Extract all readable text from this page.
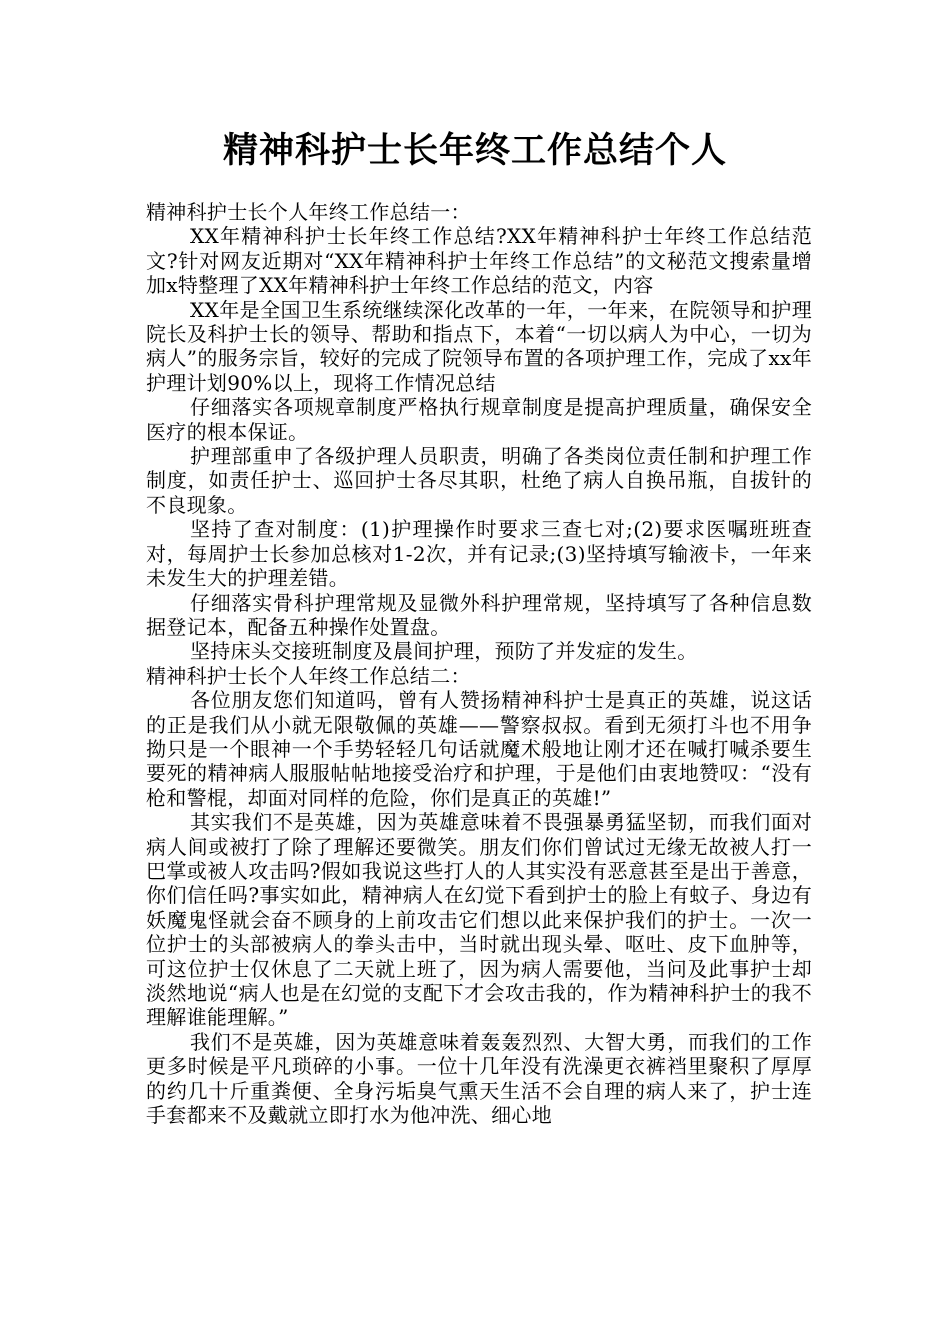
精神科护士长年终工作总结个人

精神科护士长个人年终工作总结一：

XX年精神科护士长年终工作总结?XX年精神科护士年终工作总结范文?针对网友近期对“XX年精神科护士年终工作总结”的文秘范文搜索量增加x特整理了XX年精神科护士年终工作总结的范文，内容

XX年是全国卫生系统继续深化改革的一年，一年来，在院领导和护理院长及科护士长的领导、帮助和指点下，本着“一切以病人为中心，一切为病人”的服务宗旨，较好的完成了院领导布置的各项护理工作，完成了xx年护理计划90%以上，现将工作情况总结

仔细落实各项规章制度严格执行规章制度是提高护理质量，确保安全医疗的根本保证。

护理部重申了各级护理人员职责，明确了各类岗位责任制和护理工作制度，如责任护士、巡回护士各尽其职，杜绝了病人自换吊瓶，自拔针的不良现象。

坚持了查对制度：(1)护理操作时要求三查七对;(2)要求医嘱班班查对，每周护士长参加总核对1-2次，并有记录;(3)坚持填写输液卡，一年来未发生大的护理差错。

仔细落实骨科护理常规及显微外科护理常规，坚持填写了各种信息数据登记本，配备五种操作处置盘。

坚持床头交接班制度及晨间护理，预防了并发症的发生。

精神科护士长个人年终工作总结二：

各位朋友您们知道吗，曾有人赞扬精神科护士是真正的英雄，说这话的正是我们从小就无限敬佩的英雄——警察叔叔。看到无须打斗也不用争拗只是一个眼神一个手势轻轻几句话就魔术般地让刚才还在喊打喊杀要生要死的精神病人服服帖帖地接受治疗和护理，于是他们由衷地赞叹：“没有枪和警棍，却面对同样的危险，你们是真正的英雄!”

其实我们不是英雄，因为英雄意味着不畏强暴勇猛坚韧，而我们面对病人间或被打了除了理解还要微笑。朋友们你们曾试过无缘无故被人打一巴掌或被人攻击吗?假如我说这些打人的人其实没有恶意甚至是出于善意，你们信任吗?事实如此，精神病人在幻觉下看到护士的脸上有蚊子、身边有妖魔鬼怪就会奋不顾身的上前攻击它们想以此来保护我们的护士。一次一位护士的头部被病人的拳头击中，当时就出现头晕、呕吐、皮下血肿等，可这位护士仅休息了二天就上班了，因为病人需要他，当问及此事护士却淡然地说“病人也是在幻觉的支配下才会攻击我的，作为精神科护士的我不理解谁能理解。”

我们不是英雄，因为英雄意味着轰轰烈烈、大智大勇，而我们的工作更多时候是平凡琐碎的小事。一位十几年没有洗澡更衣裤裆里聚积了厚厚的约几十斤重粪便、全身污垢臭气熏天生活不会自理的病人来了，护士连手套都来不及戴就立即打水为他冲洗、细心地
